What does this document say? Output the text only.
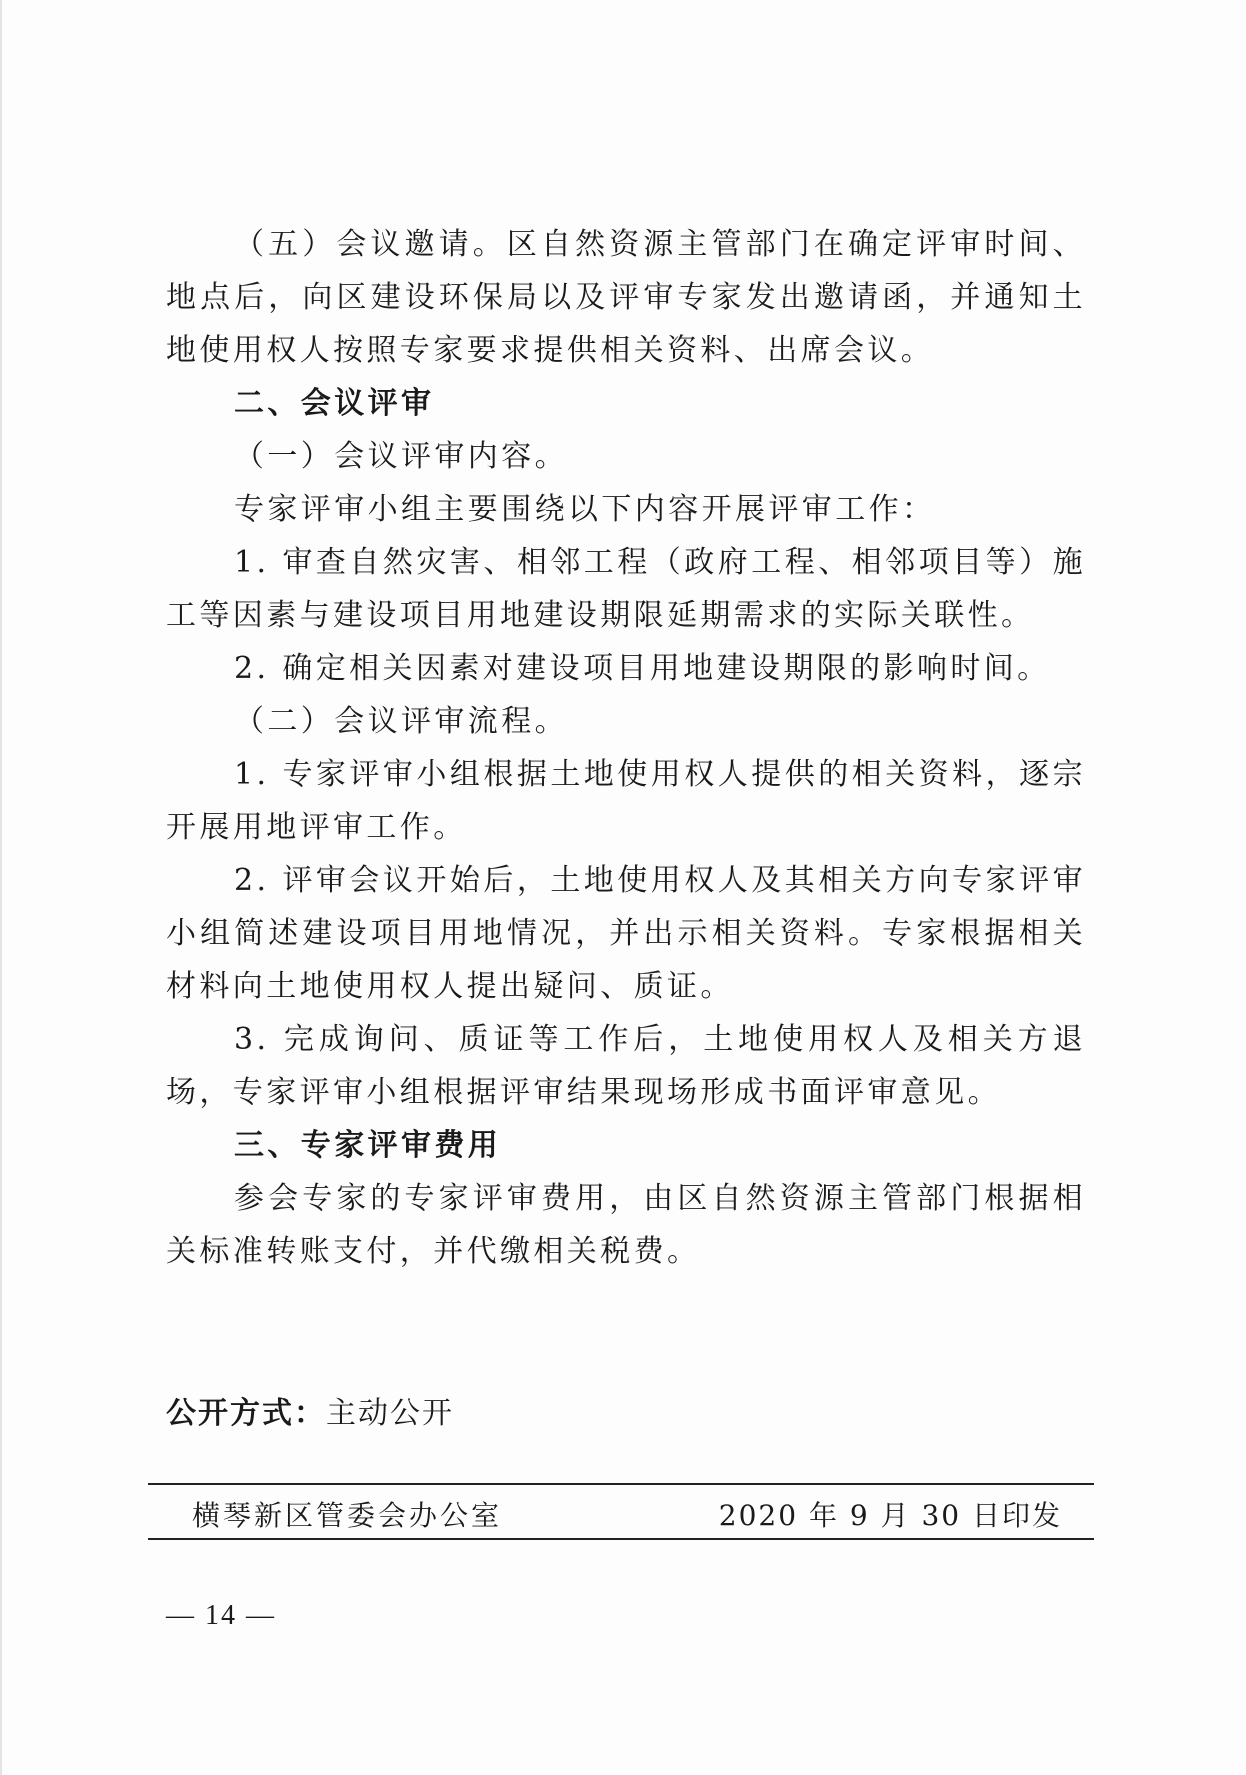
（五）会议邀请。区自然资源主管部门在确定评审时间、地点后，向区建设环保局以及评审专家发出邀请函，并通知土地使用权人按照专家要求提供相关资料、出席会议。

二、会议评审

（一）会议评审内容。

专家评审小组主要围绕以下内容开展评审工作：

1. 审查自然灾害、相邻工程（政府工程、相邻项目等）施工等因素与建设项目用地建设期限延期需求的实际关联性。

2. 确定相关因素对建设项目用地建设期限的影响时间。

（二）会议评审流程。

1. 专家评审小组根据土地使用权人提供的相关资料，逐宗开展用地评审工作。

2. 评审会议开始后，土地使用权人及其相关方向专家评审小组简述建设项目用地情况，并出示相关资料。专家根据相关材料向土地使用权人提出疑问、质证。

3. 完成询问、质证等工作后，土地使用权人及相关方退场，专家评审小组根据评审结果现场形成书面评审意见。

三、专家评审费用

参会专家的专家评审费用，由区自然资源主管部门根据相关标准转账支付，并代缴相关税费。

公开方式：主动公开
横琴新区管委会办公室	2020 年 9 月 30 日印发
— 14 —
